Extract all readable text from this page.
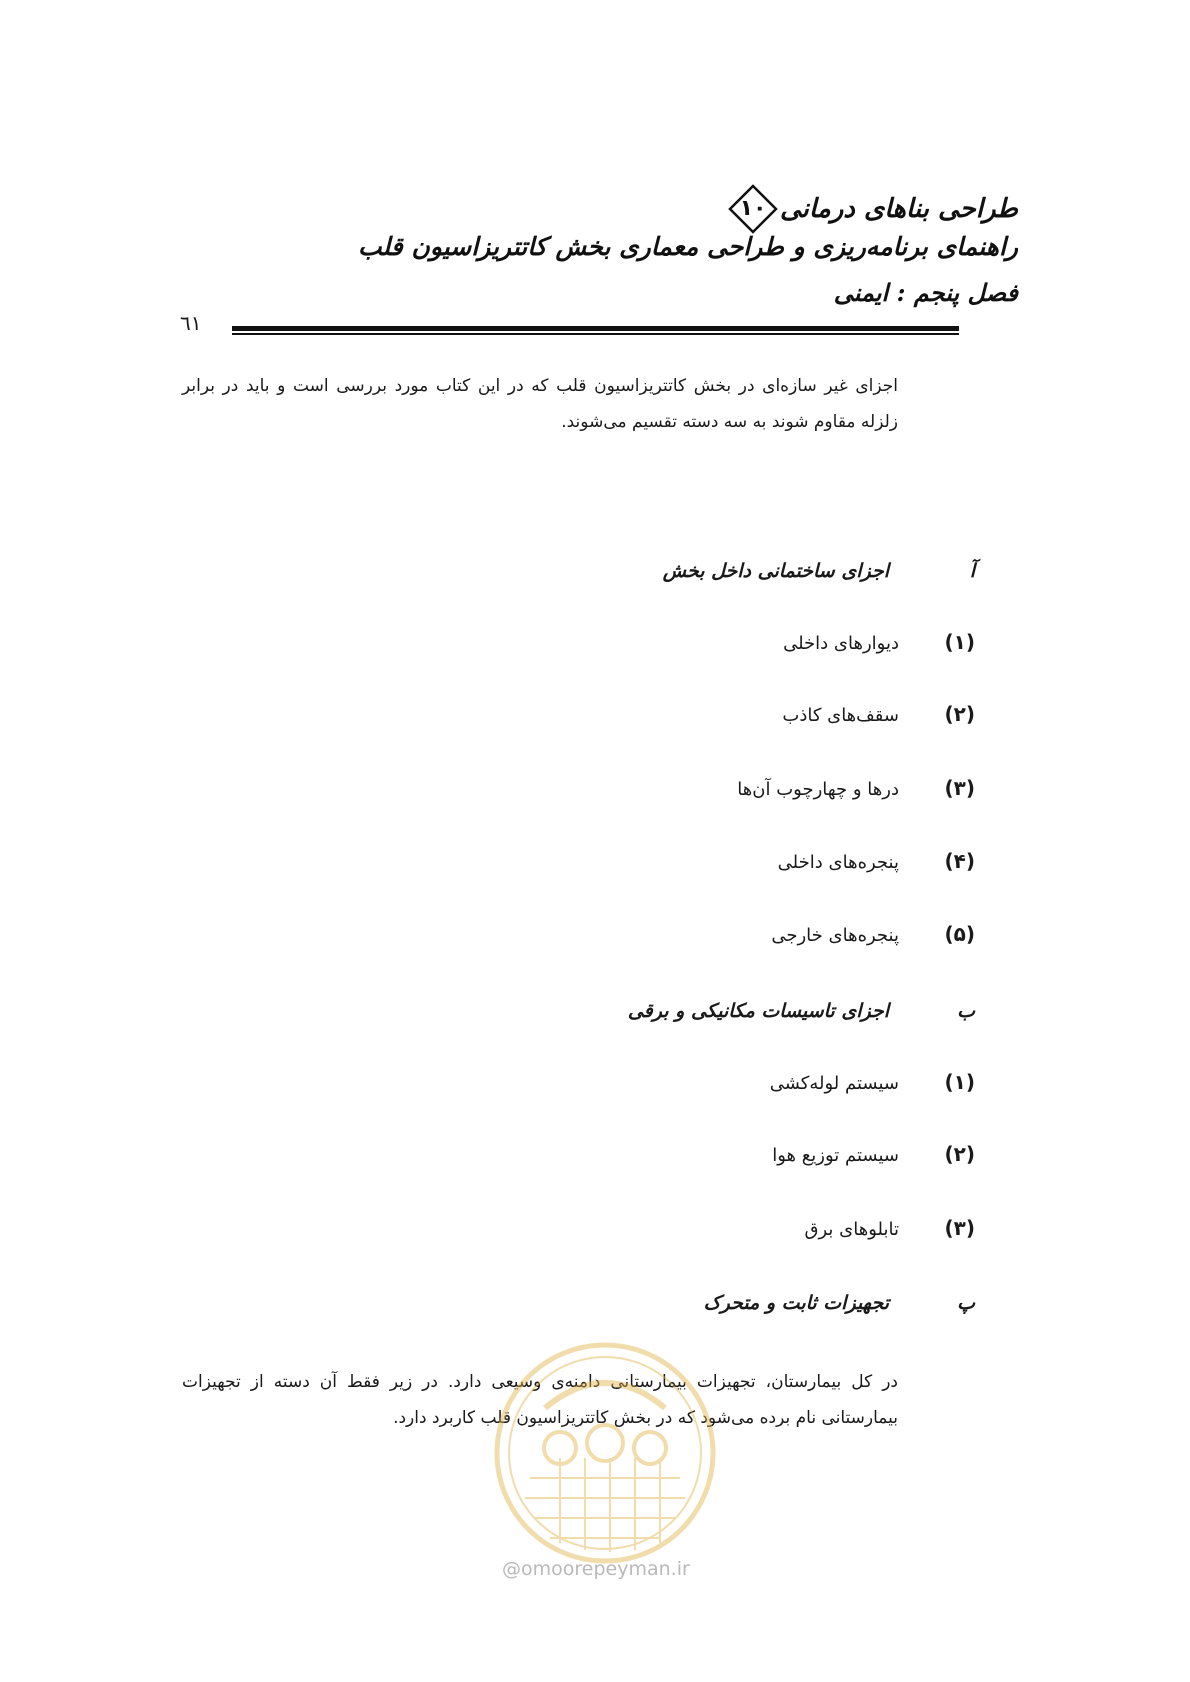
طراحی بناهای درمانی
۱۰
راهنمای برنامه‌ریزی و طراحی معماری بخش کاتتریزاسیون قلب
فصل پنجم : ایمنی
٦١
اجزای غیر سازه‌ای در بخش کاتتریزاسیون قلب که در این کتاب مورد بررسی است و باید در برابر زلزله مقاوم شوند به سه دسته تقسیم می‌شوند.
آاجزای ساختمانی داخل بخش
(۱)دیوارهای داخلی
(۲)سقف‌های کاذب
(۳)درها و چهارچوب آن‌ها
(۴)پنجره‌های داخلی
(۵)پنجره‌های خارجی
باجزای تاسیسات مکانیکی و برقی
(۱)سیستم لوله‌کشی
(۲)سیستم توزیع هوا
(۳)تابلوهای برق
پتجهیزات ثابت و متحرک
در کل بیمارستان، تجهیزات بیمارستانی دامنه‌ی وسیعی دارد. در زیر فقط آن دسته از تجهیزات بیمارستانی نام برده می‌شود که در بخش کاتتریزاسیون قلب کاربرد دارد.
@omoorepeyman.ir
